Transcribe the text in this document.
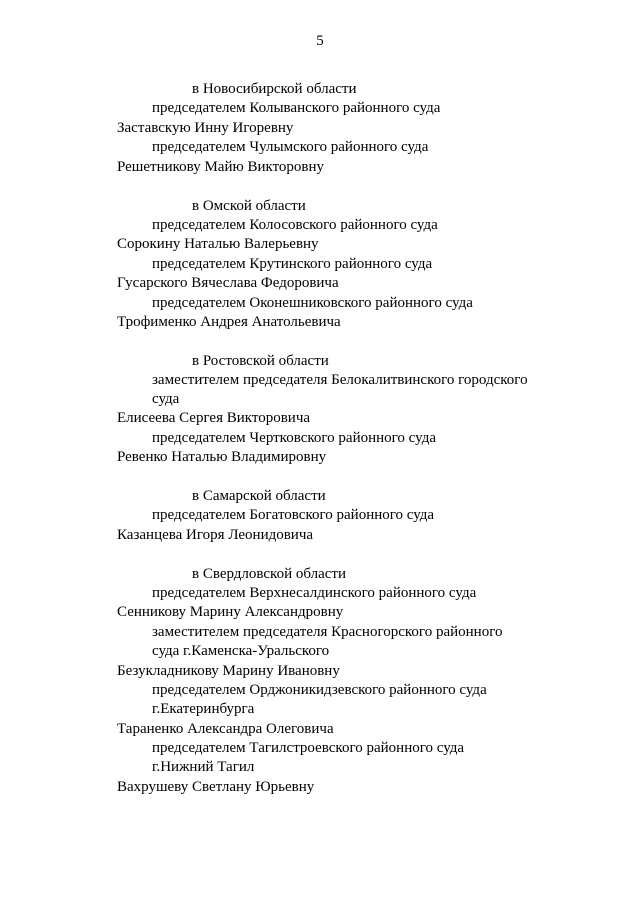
5
в Новосибирской области
председателем Колыванского районного суда
Заставскую Инну Игоревну
председателем Чулымского районного суда
Решетникову Майю Викторовну
в Омской области
председателем Колосовского районного суда
Сорокину Наталью Валерьевну
председателем Крутинского районного суда
Гусарского Вячеслава Федоровича
председателем Оконешниковского районного суда
Трофименко Андрея Анатольевича
в Ростовской области
заместителем председателя Белокалитвинского городского
суда
Елисеева Сергея Викторовича
председателем Чертковского районного суда
Ревенко Наталью Владимировну
в Самарской области
председателем Богатовского районного суда
Казанцева Игоря Леонидовича
в Свердловской области
председателем Верхнесалдинского районного суда
Сенникову Марину Александровну
заместителем председателя Красногорского районного
суда г.Каменска-Уральского
Безукладникову Марину Ивановну
председателем Орджоникидзевского районного суда
г.Екатеринбурга
Тараненко Александра Олеговича
председателем Тагилстроевского районного суда
г.Нижний Тагил
Вахрушеву Светлану Юрьевну
